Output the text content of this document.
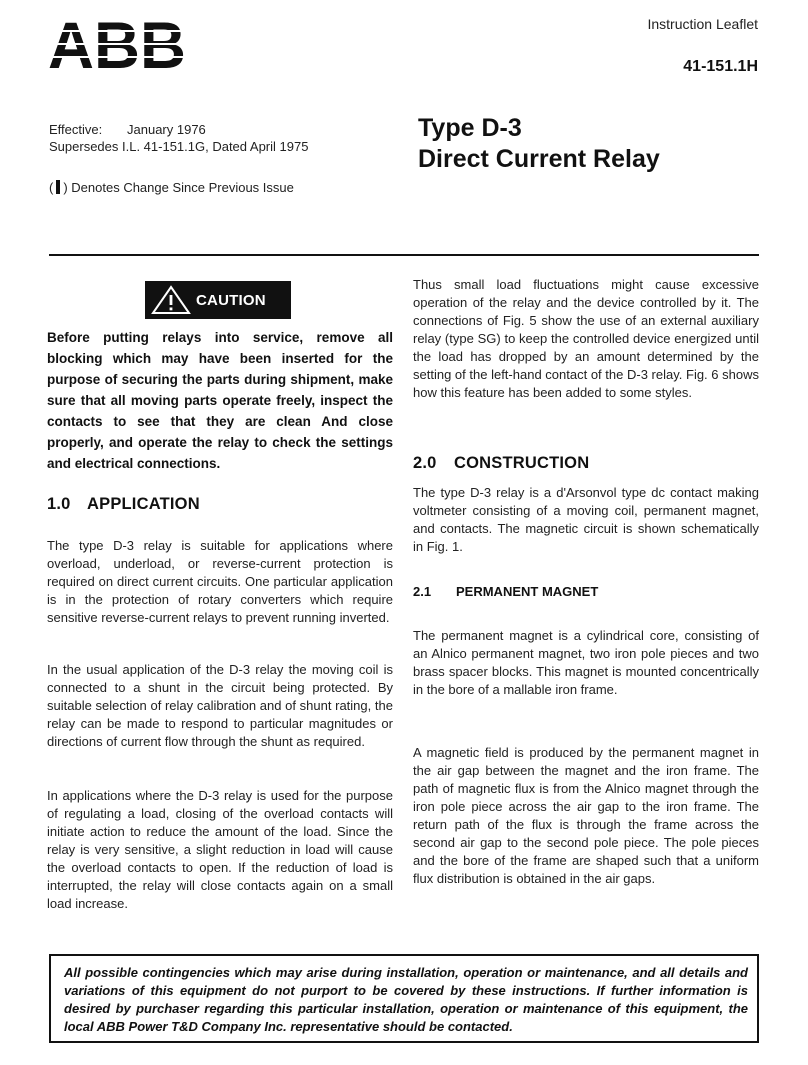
Instruction Leaflet
41-151.1H
Effective: January 1976
Supersedes I.L. 41-151.1G, Dated April 1975
( ) Denotes Change Since Previous Issue
Type D-3
Direct Current Relay
CAUTION

Before putting relays into service, remove all blocking which may have been inserted for the purpose of securing the parts during shipment, make sure that all moving parts operate freely, inspect the contacts to see that they are clean And close properly, and operate the relay to check the settings and electrical connections.

1.0 APPLICATION

The type D-3 relay is suitable for applications where overload, underload, or reverse-current protection is required on direct current circuits. One particular application is in the protection of rotary converters which require sensitive reverse-current relays to prevent running inverted.

In the usual application of the D-3 relay the moving coil is connected to a shunt in the circuit being protected. By suitable selection of relay calibration and of shunt rating, the relay can be made to respond to particular magnitudes or directions of current flow through the shunt as required.

In applications where the D-3 relay is used for the purpose of regulating a load, closing of the overload contacts will initiate action to reduce the amount of the load. Since the relay is very sensitive, a slight reduction in load will cause the overload contacts to open. If the reduction of load is interrupted, the relay will close contacts again on a small load increase.

Thus small load fluctuations might cause excessive operation of the relay and the device controlled by it. The connections of Fig. 5 show the use of an external auxiliary relay (type SG) to keep the controlled device energized until the load has dropped by an amount determined by the setting of the left-hand contact of the D-3 relay. Fig. 6 shows how this feature has been added to some styles.

2.0 CONSTRUCTION

The type D-3 relay is a d'Arsonvol type dc contact making voltmeter consisting of a moving coil, permanent magnet, and contacts. The magnetic circuit is shown schematically in Fig. 1.

2.1 PERMANENT MAGNET

The permanent magnet is a cylindrical core, consisting of an Alnico permanent magnet, two iron pole pieces and two brass spacer blocks. This magnet is mounted concentrically in the bore of a mallable iron frame.

A magnetic field is produced by the permanent magnet in the air gap between the magnet and the iron frame. The path of magnetic flux is from the Alnico magnet through the iron pole piece across the air gap to the iron frame. The return path of the flux is through the frame across the second air gap to the second pole piece. The pole pieces and the bore of the frame are shaped such that a uniform flux distribution is obtained in the air gaps.

All possible contingencies which may arise during installation, operation or maintenance, and all details and variations of this equipment do not purport to be covered by these instructions. If further information is desired by purchaser regarding this particular installation, operation or maintenance of this equipment, the local ABB Power T&D Company Inc. representative should be contacted.
